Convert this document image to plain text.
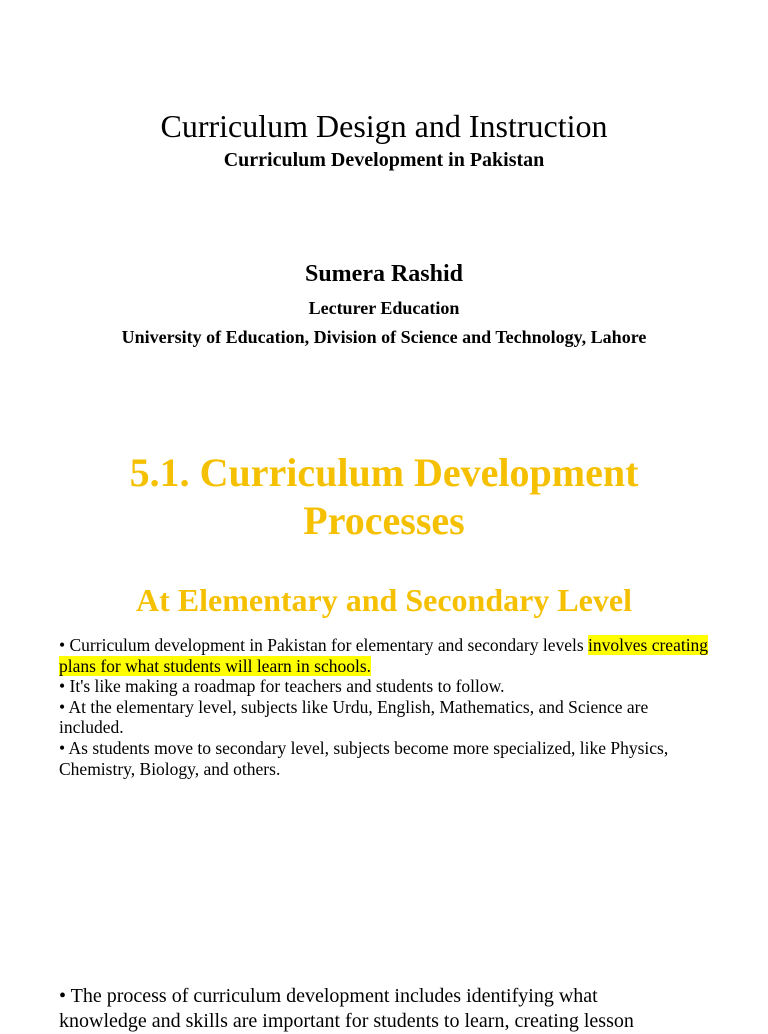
Curriculum Design and Instruction
Curriculum Development in Pakistan
Sumera Rashid
Lecturer Education
University of Education, Division of Science and Technology, Lahore
5.1. Curriculum Development
Processes
At Elementary and Secondary Level

• Curriculum development in Pakistan for elementary and secondary levels involves creating plans for what students will learn in schools.

• It's like making a roadmap for teachers and students to follow.

• At the elementary level, subjects like Urdu, English, Mathematics, and Science are included.

• As students move to secondary level, subjects become more specialized, like Physics, Chemistry, Biology, and others.

• The process of curriculum development includes identifying what

knowledge and skills are important for students to learn, creating lesson
